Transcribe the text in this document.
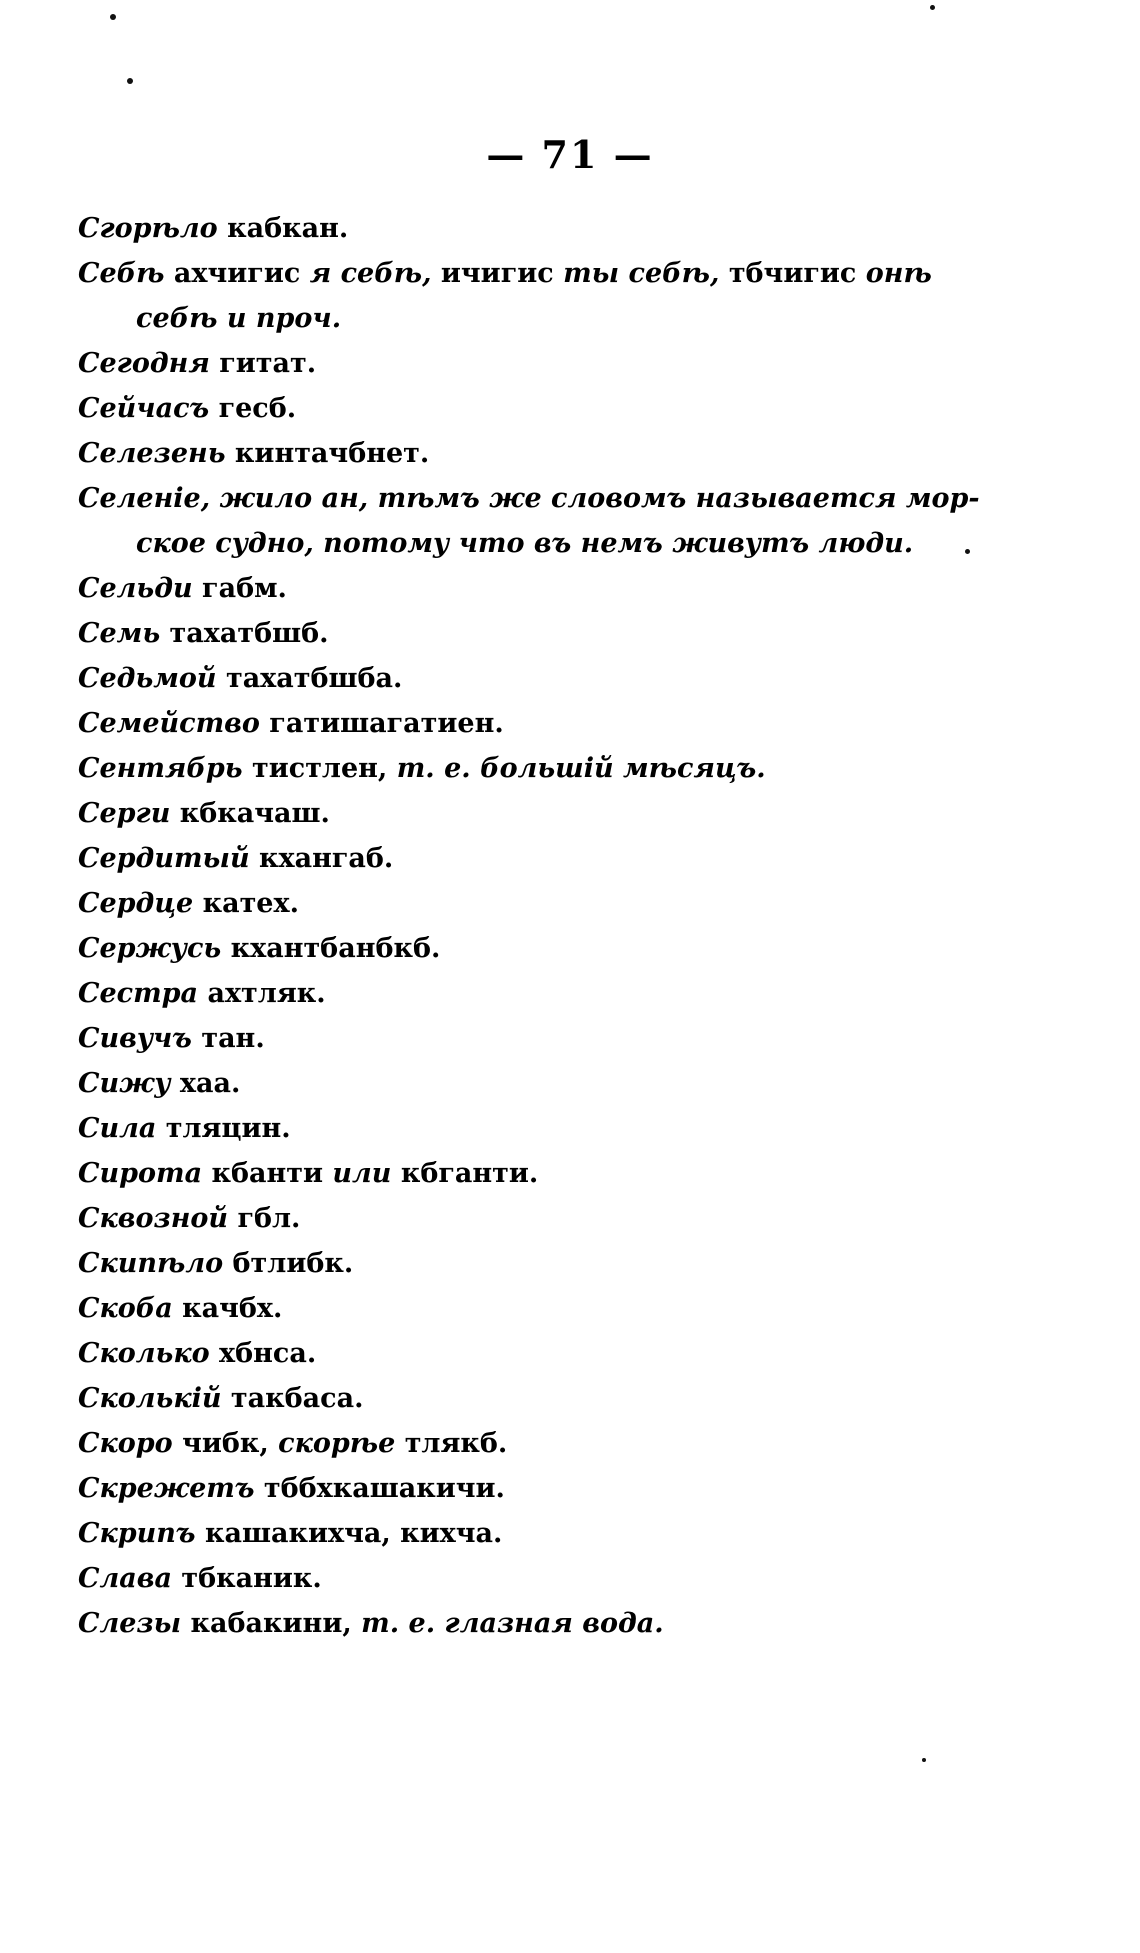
— 71 —
Сгорѣло кабкан.
Себѣ ахчигис я себѣ, ичигис ты себѣ, тбчигис онѣ
себѣ и проч.
Сегодня гитат.
Сейчасъ гесб.
Селезень кинтачбнет.
Селеніе, жило ан, тѣмъ же словомъ называется мор-
ское судно, потому что въ немъ живутъ люди.
Сельди габм.
Семь тахатбшб.
Седьмой тахатбшба.
Семейство гатишагатиен.
Сентябрь тистлен, т. е. большій мѣсяцъ.
Серги кбкачаш.
Сердитый кхангаб.
Сердце катех.
Сержусь кхантбанбкб.
Сестра ахтляк.
Сивучъ тан.
Сижу хаа.
Сила тляцин.
Сирота кбанти или кбганти.
Сквозной гбл.
Скипѣло бтлибк.
Скоба качбх.
Сколько хбнса.
Сколькій такбаса.
Скоро чибк, скорѣе тлякб.
Скрежетъ тббхкашакичи.
Скрипъ кашакихча, кихча.
Слава тбканик.
Слезы кабакини, т. е. глазная вода.
